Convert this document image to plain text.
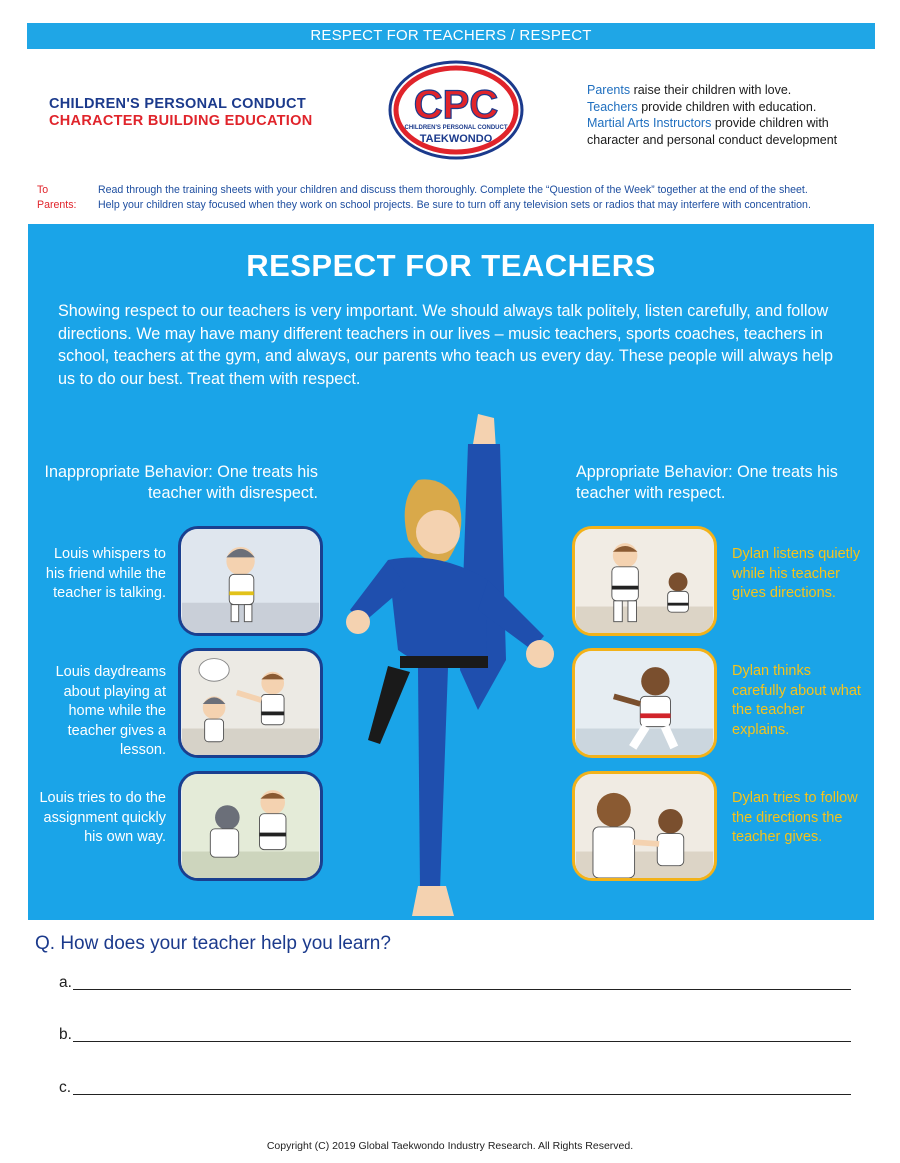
RESPECT FOR TEACHERS / RESPECT
CHILDREN'S PERSONAL CONDUCT
CHARACTER BUILDING EDUCATION	CPC
CHILDREN'S PERSONAL CONDUCT
TAEKWONDO
Parents raise their children with love.
Teachers provide children with education.
Martial Arts Instructors provide children with character and personal conduct development
To Parents:
Read through the training sheets with your children and discuss them thoroughly. Complete the “Question of the Week” together at the end of the sheet.
Help your children stay focused when they work on school projects. Be sure to turn off any television sets or radios that may interfere with concentration.
RESPECT FOR TEACHERS
Showing respect to our teachers is very important. We should always talk politely, listen carefully, and follow directions. We may have many different teachers in our lives – music teachers, sports coaches, teachers in school, teachers at the gym, and always, our parents who teach us every day. These people will always help us to do our best. Treat them with respect.
Inappropriate Behavior: One treats his teacher with disrespect.
Appropriate Behavior: One treats his teacher with respect.
Louis whispers to his friend while the teacher is talking.
Louis daydreams about playing at home while the teacher gives a lesson.
Louis tries to do the assignment quickly his own way.
Dylan listens quietly while his teacher gives directions.
Dylan thinks carefully about what the teacher explains.
Dylan tries to follow the directions the teacher gives.
Q. How does your teacher help you learn?
a.
b.
c.
Copyright (C) 2019 Global Taekwondo Industry Research. All Rights Reserved.
